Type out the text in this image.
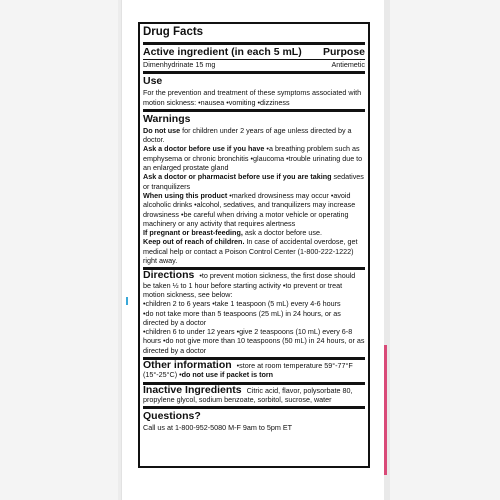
Drug Facts
Active ingredient (in each 5 mL) Purpose
Dimenhydrinate 15 mg	Antiemetic
Use
For the prevention and treatment of these symptoms associated with motion sickness: •nausea •vomiting •dizziness
Warnings
Do not use for children under 2 years of age unless directed by a doctor.
Ask a doctor before use if you have •a breathing problem such as emphysema or chronic bronchitis •glaucoma •trouble urinating due to an enlarged prostate gland
Ask a doctor or pharmacist before use if you are taking sedatives or tranquilizers
When using this product •marked drowsiness may occur •avoid alcoholic drinks •alcohol, sedatives, and tranquilizers may increase drowsiness •be careful when driving a motor vehicle or operating machinery or any activity that requires alertness
If pregnant or breast-feeding, ask a doctor before use.
Keep out of reach of children. In case of accidental overdose, get medical help or contact a Poison Control Center (1-800-222-1222) right away.
Directions •to prevent motion sickness, the first dose should be taken ½ to 1 hour before starting activity •to prevent or treat motion sickness, see below:
•children 2 to 6 years •take 1 teaspoon (5 mL) every 4-6 hours
•do not take more than 5 teaspoons (25 mL) in 24 hours, or as directed by a doctor
•children 6 to under 12 years •give 2 teaspoons (10 mL) every 6-8 hours •do not give more than 10 teaspoons (50 mL) in 24 hours, or as directed by a doctor
Other information •store at room temperature 59°-77°F (15°-25°C) •do not use if packet is torn
Inactive Ingredients Citric acid, flavor, polysorbate 80, propylene glycol, sodium benzoate, sorbitol, sucrose, water
Questions?
Call us at 1-800-952-5080 M-F 9am to 5pm ET
